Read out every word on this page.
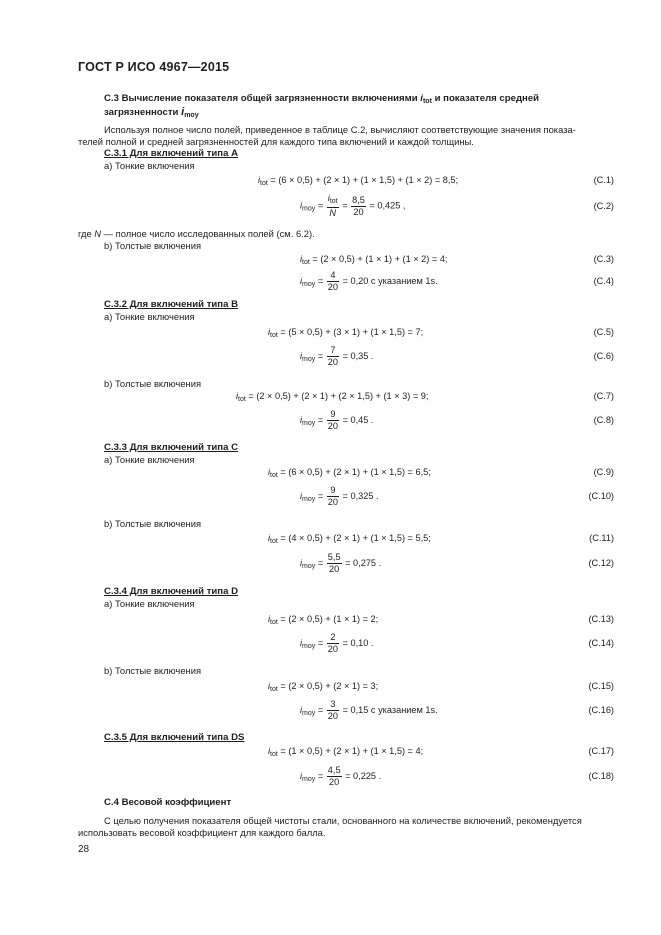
ГОСТ Р ИСО 4967—2015
С.3 Вычисление показателя общей загрязненности включениями $i_{tot}$ и показателя средней
загрязненности $i_{moy}$
Используя полное число полей, приведенное в таблице С.2, вычисляют соответствующие значения показа-
телей полной и средней загрязненностей для каждого типа включений и каждой толщины.
С.3.1 Для включений типа А
а) Тонкие включения
$i_{tot} = (6 \times 0,5) + (2 \times 1) + (1 \times 1,5) + (1 \times 2) = 8,5$;	(С.1)
$i_{moy} = \frac{i_{tot}}{N} = \frac{8,5}{20} = 0,425$ ,	(С.2)
где N — полное число исследованных полей (см. 6.2).
b) Толстые включения
$i_{tot} = (2 \times 0,5) + (1 \times 1) + (1 \times 2) = 4$;	(С.3)
$i_{moy} = \frac{4}{20} = 0,20$ с указанием 1s.	(С.4)
С.3.2 Для включений типа В
а) Тонкие включения
$i_{tot} = (5 \times 0,5) + (3 \times 1) + (1 \times 1,5) = 7$;	(С.5)
$i_{moy} = \frac{7}{20} = 0,35$ .	(С.6)
b) Толстые включения
$i_{tot} = (2 \times 0,5) + (2 \times 1) + (2 \times 1,5) + (1 \times 3) = 9$;	(С.7)
$i_{moy} = \frac{9}{20} = 0,45$ .	(С.8)
С.3.3 Для включений типа С
а) Тонкие включения
$i_{tot} = (6 \times 0,5) + (2 \times 1) + (1 \times 1,5) = 6,5$;	(С.9)
$i_{moy} = \frac{9}{20} = 0,325$ .	(С.10)
b) Толстые включения
$i_{tot} = (4 \times 0,5) + (2 \times 1) + (1 \times 1,5) = 5,5$;	(С.11)
$i_{moy} = \frac{5,5}{20} = 0,275$ .	(С.12)
С.3.4 Для включений типа D
а) Тонкие включения
$i_{tot} = (2 \times 0,5) + (1 \times 1) = 2$;	(С.13)
$i_{moy} = \frac{2}{20} = 0,10$ .	(С.14)
b) Толстые включения
$i_{tot} = (2 \times 0,5) + (2 \times 1) = 3$;	(С.15)
$i_{moy} = \frac{3}{20} = 0,15$ с указанием 1s.	(С.16)
С.3.5 Для включений типа DS
$i_{tot} = (1 \times 0,5) + (2 \times 1) + (1 \times 1,5) = 4$;	(С.17)
$i_{moy} = \frac{4,5}{20} = 0,225$ .	(С.18)
С.4 Весовой коэффициент
С целью получения показателя общей чистоты стали, основанного на количестве включений, рекомендуется
использовать весовой коэффициент для каждого балла.
28
